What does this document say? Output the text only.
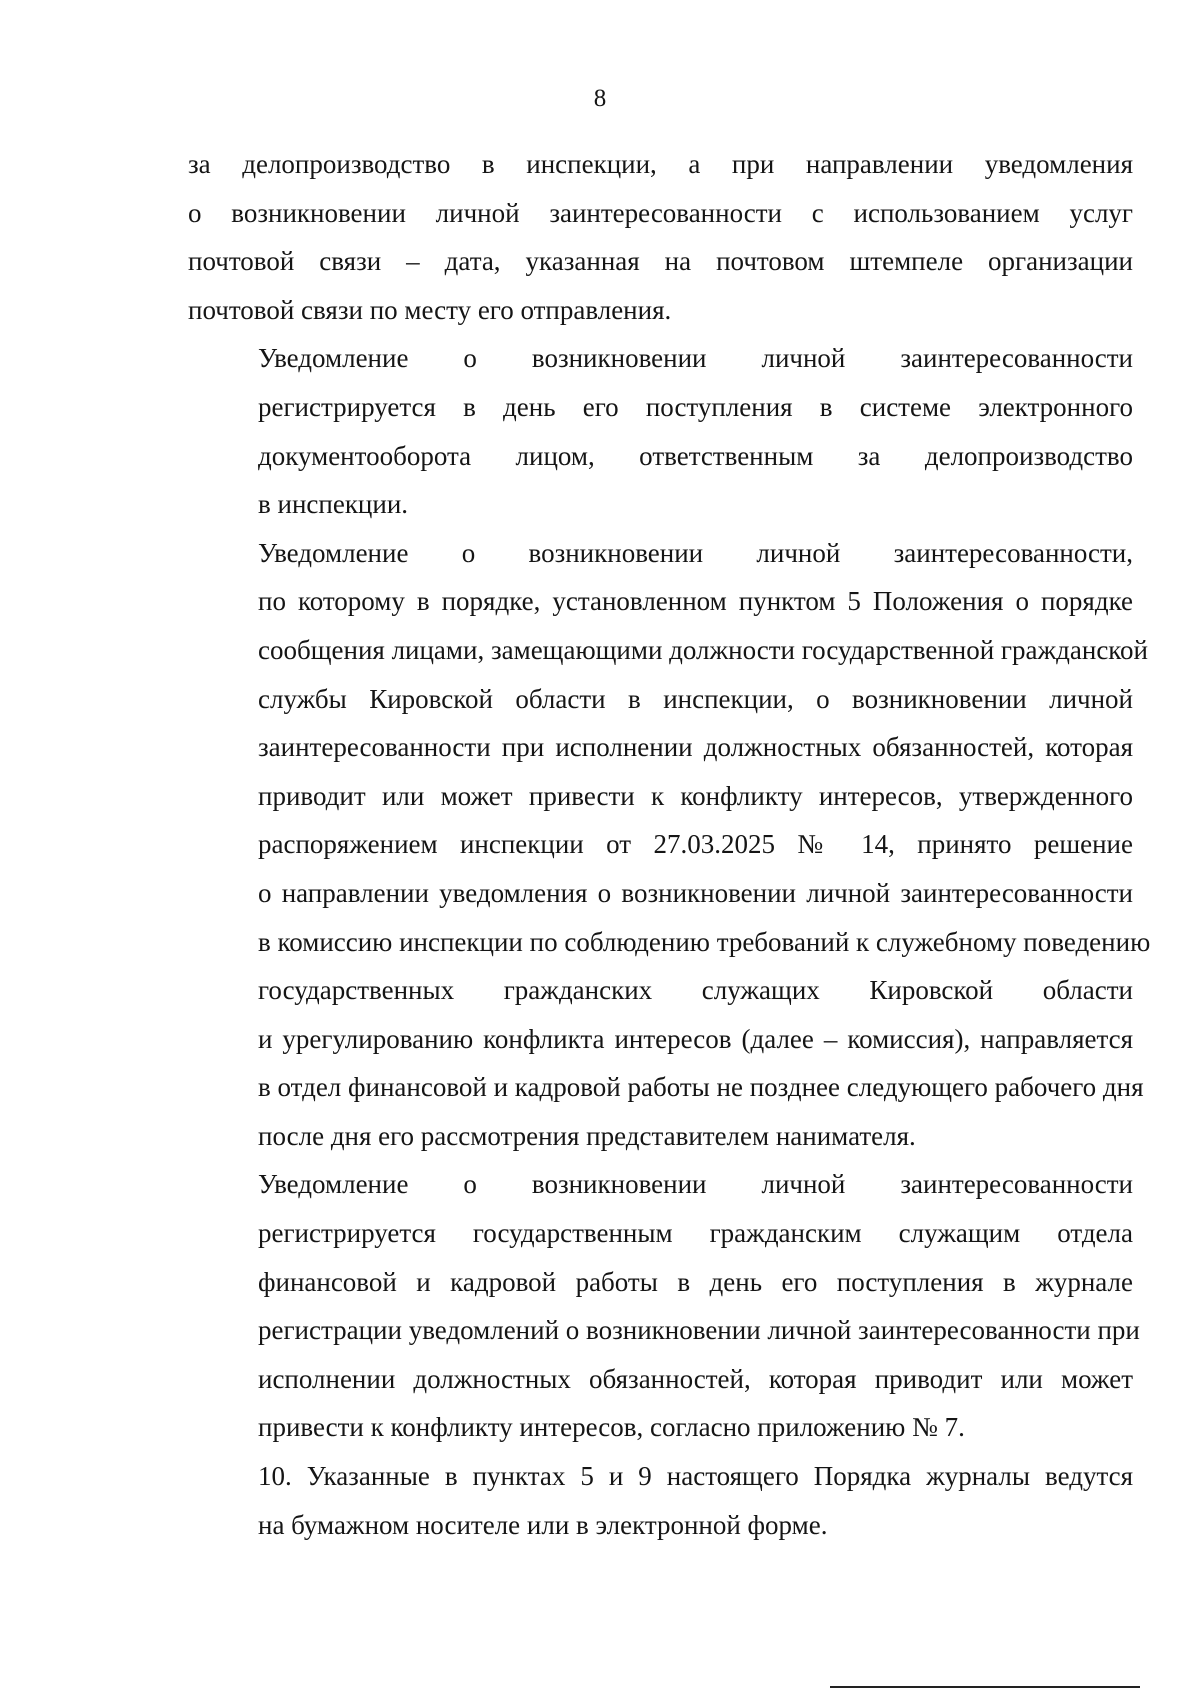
8

за делопроизводство в инспекции, а при направлении уведомления
о возникновении личной заинтересованности с использованием услуг
почтовой связи – дата, указанная на почтовом штемпеле организации
почтовой связи по месту его отправления.

Уведомление о возникновении личной заинтересованности
регистрируется в день его поступления в системе электронного
документооборота лицом, ответственным за делопроизводство
в инспекции.

Уведомление о возникновении личной заинтересованности,
по которому в порядке, установленном пунктом 5 Положения о порядке
сообщения лицами, замещающими должности государственной гражданской
службы Кировской области в инспекции, о возникновении личной
заинтересованности при исполнении должностных обязанностей, которая
приводит или может привести к конфликту интересов, утвержденного
распоряжением инспекции от 27.03.2025 № 14, принято решение
о направлении уведомления о возникновении личной заинтересованности
в комиссию инспекции по соблюдению требований к служебному поведению
государственных гражданских служащих Кировской области
и урегулированию конфликта интересов (далее – комиссия), направляется
в отдел финансовой и кадровой работы не позднее следующего рабочего дня
после дня его рассмотрения представителем нанимателя.

Уведомление о возникновении личной заинтересованности
регистрируется государственным гражданским служащим отдела
финансовой и кадровой работы в день его поступления в журнале
регистрации уведомлений о возникновении личной заинтересованности при
исполнении должностных обязанностей, которая приводит или может
привести к конфликту интересов, согласно приложению № 7.

10. Указанные в пунктах 5 и 9 настоящего Порядка журналы ведутся
на бумажном носителе или в электронной форме.
